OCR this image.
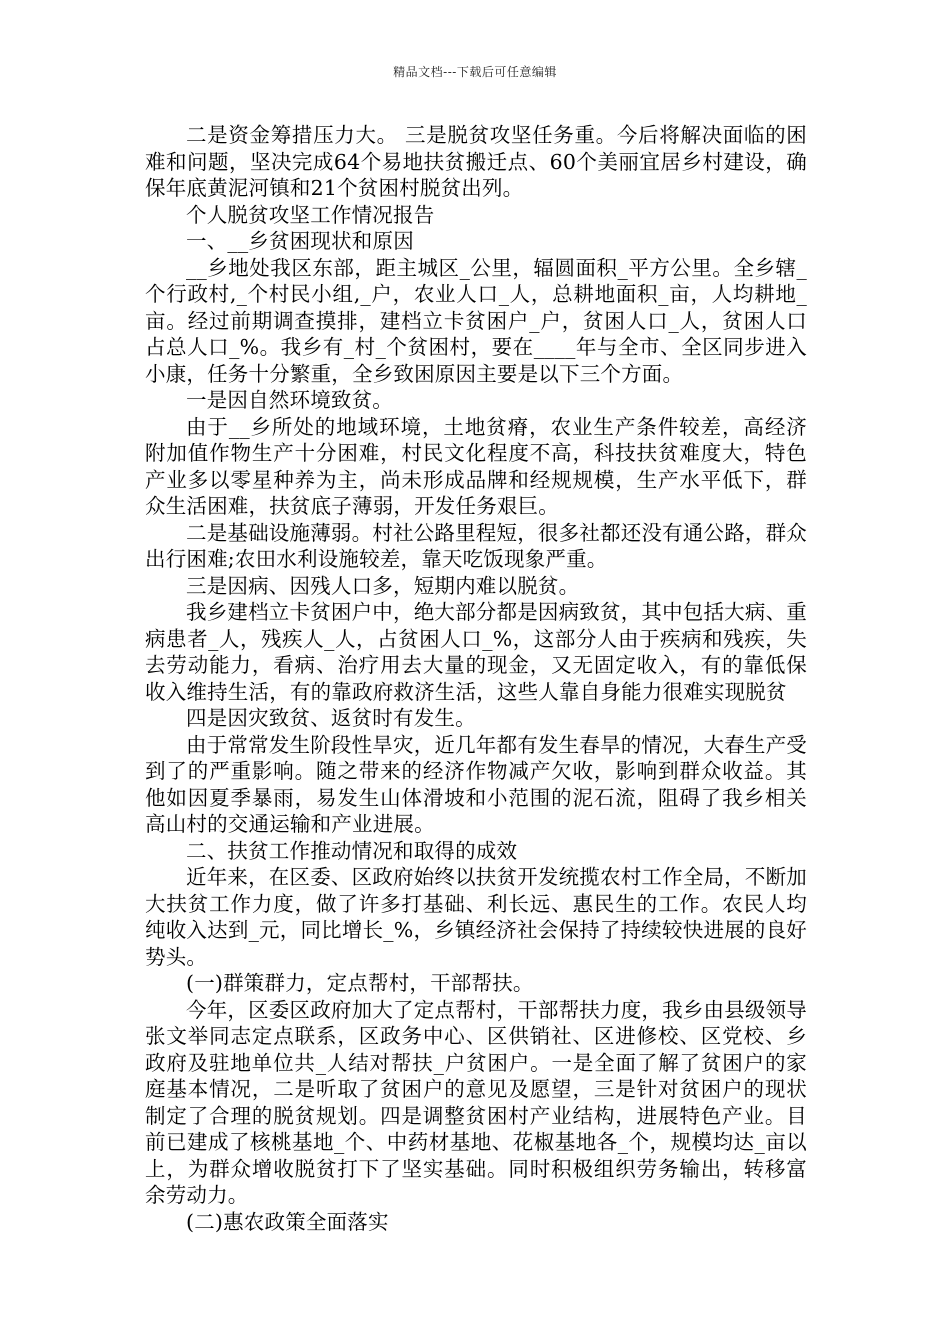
精品文档---下载后可任意编辑

二是资金筹措压力大。 三是脱贫攻坚任务重。今后将解决面临的困难和问题，坚决完成64个易地扶贫搬迁点、60个美丽宜居乡村建设，确保年底黄泥河镇和21个贫困村脱贫出列。

个人脱贫攻坚工作情况报告

一、__乡贫困现状和原因

__乡地处我区东部，距主城区_公里，辐圆面积_平方公里。全乡辖_个行政村,_个村民小组,_户，农业人口_人，总耕地面积_亩，人均耕地_亩。经过前期调查摸排，建档立卡贫困户_户，贫困人口_人，贫困人口占总人口_%。我乡有_村_个贫困村，要在____年与全市、全区同步进入小康，任务十分繁重，全乡致困原因主要是以下三个方面。

一是因自然环境致贫。

由于__乡所处的地域环境，土地贫瘠，农业生产条件较差，高经济附加值作物生产十分困难，村民文化程度不高，科技扶贫难度大，特色产业多以零星种养为主，尚未形成品牌和经规规模，生产水平低下，群众生活困难，扶贫底子薄弱，开发任务艰巨。

二是基础设施薄弱。村社公路里程短，很多社都还没有通公路，群众出行困难;农田水利设施较差，靠天吃饭现象严重。

三是因病、因残人口多，短期内难以脱贫。

我乡建档立卡贫困户中，绝大部分都是因病致贫，其中包括大病、重病患者_人，残疾人_人，占贫困人口_%，这部分人由于疾病和残疾，失去劳动能力，看病、治疗用去大量的现金，又无固定收入，有的靠低保收入维持生活，有的靠政府救济生活，这些人靠自身能力很难实现脱贫

四是因灾致贫、返贫时有发生。

由于常常发生阶段性旱灾，近几年都有发生春旱的情况，大春生产受到了的严重影响。随之带来的经济作物减产欠收，影响到群众收益。其他如因夏季暴雨，易发生山体滑坡和小范围的泥石流，阻碍了我乡相关高山村的交通运输和产业进展。

二、扶贫工作推动情况和取得的成效

近年来，在区委、区政府始终以扶贫开发统揽农村工作全局，不断加大扶贫工作力度，做了许多打基础、利长远、惠民生的工作。农民人均纯收入达到_元，同比增长_%，乡镇经济社会保持了持续较快进展的良好势头。

(一)群策群力，定点帮村，干部帮扶。

今年，区委区政府加大了定点帮村，干部帮扶力度，我乡由县级领导张文举同志定点联系，区政务中心、区供销社、区进修校、区党校、乡政府及驻地单位共_人结对帮扶_户贫困户。一是全面了解了贫困户的家庭基本情况，二是听取了贫困户的意见及愿望，三是针对贫困户的现状制定了合理的脱贫规划。四是调整贫困村产业结构，进展特色产业。目前已建成了核桃基地_个、中药材基地、花椒基地各_个，规模均达_亩以上，为群众增收脱贫打下了坚实基础。同时积极组织劳务输出，转移富余劳动力。

(二)惠农政策全面落实
